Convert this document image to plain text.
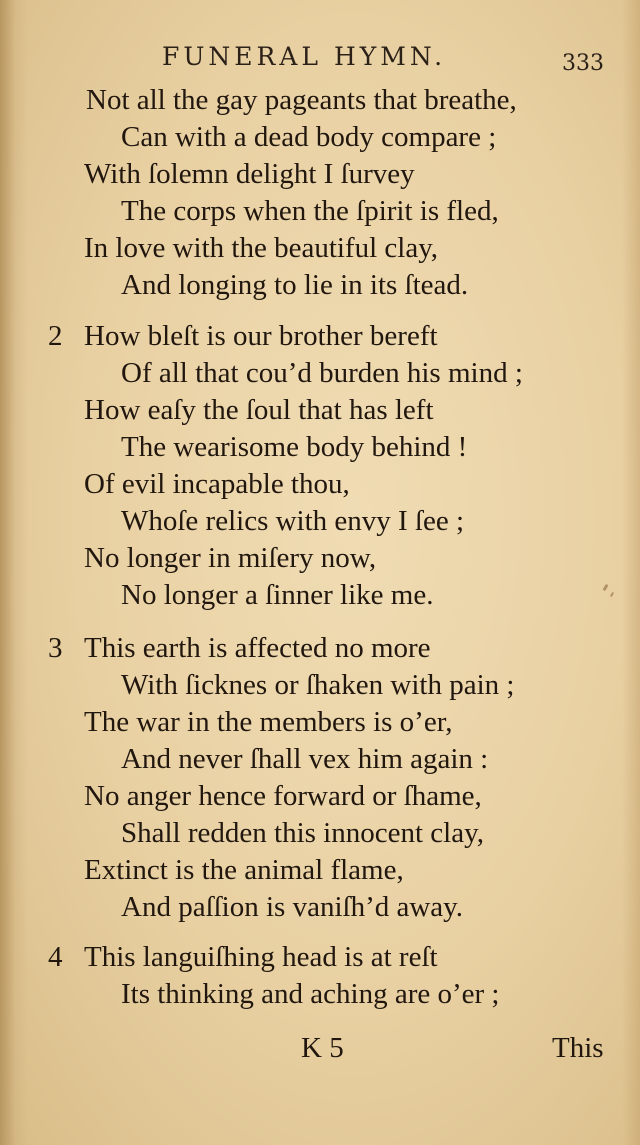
FUNERAL HYMN.	333
Not all the gay pageants that breathe,
Can with a dead body compare ;
With ſolemn delight I ſurvey
The corps when the ſpirit is fled,
In love with the beautiful clay,
And longing to lie in its ſtead.
2 How bleſt is our brother bereft
Of all that cou’d burden his mind ;
How eaſy the ſoul that has left
The wearisome body behind !
Of evil incapable thou,
Whoſe relics with envy I ſee ;
No longer in miſery now,
No longer a ſinner like me.
3 This earth is affected no more
With ſicknes or ſhaken with pain ;
The war in the members is o’er,
And never ſhall vex him again :
No anger hence forward or ſhame,
Shall redden this innocent clay,
Extinct is the animal flame,
And paſſion is vaniſh’d away.
4 This languiſhing head is at reſt
Its thinking and aching are o’er ;
K 5	This
